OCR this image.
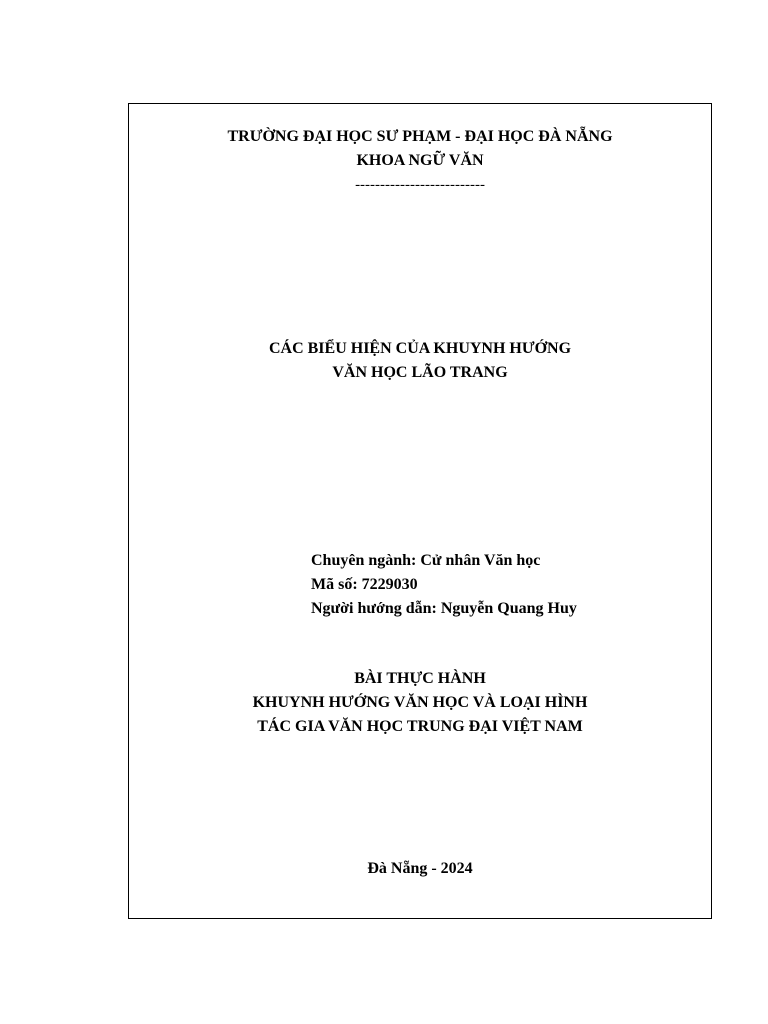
TRƯỜNG ĐẠI HỌC SƯ PHẠM - ĐẠI HỌC ĐÀ NẴNG
KHOA NGỮ VĂN
--------------------------
CÁC BIỂU HIỆN CỦA KHUYNH HƯỚNG
VĂN HỌC LÃO TRANG
Chuyên ngành: Cử nhân Văn học
Mã số: 7229030
Người hướng dẫn: Nguyễn Quang Huy
BÀI THỰC HÀNH
KHUYNH HƯỚNG VĂN HỌC VÀ LOẠI HÌNH
TÁC GIA VĂN HỌC TRUNG ĐẠI VIỆT NAM
Đà Nẵng - 2024
